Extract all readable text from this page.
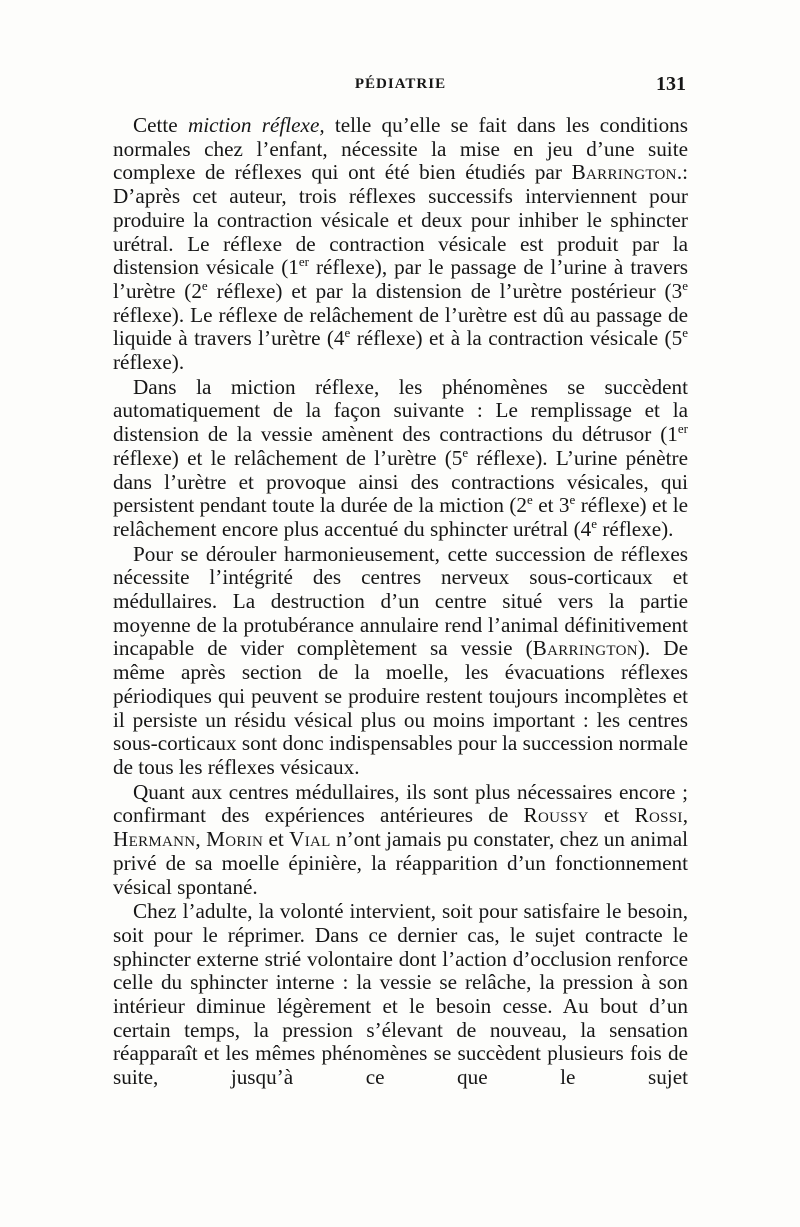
PÉDIATRIE	131

Cette miction réflexe, telle qu’elle se fait dans les conditions normales chez l’enfant, nécessite la mise en jeu d’une suite complexe de réflexes qui ont été bien étudiés par Barrington.: D’après cet auteur, trois réflexes successifs interviennent pour produire la contraction vésicale et deux pour inhiber le sphincter urétral. Le réflexe de contraction vésicale est produit par la distension vésicale (1er réflexe), par le passage de l’urine à travers l’urètre (2e réflexe) et par la distension de l’urètre postérieur (3e réflexe). Le réflexe de relâchement de l’urètre est dû au passage de liquide à travers l’urètre (4e réflexe) et à la contraction vésicale (5e réflexe).

Dans la miction réflexe, les phénomènes se succèdent automatiquement de la façon suivante : Le remplissage et la distension de la vessie amènent des contractions du détrusor (1er réflexe) et le relâchement de l’urètre (5e réflexe). L’urine pénètre dans l’urètre et provoque ainsi des contractions vésicales, qui persistent pendant toute la durée de la miction (2e et 3e réflexe) et le relâchement encore plus accentué du sphincter urétral (4e réflexe).

Pour se dérouler harmonieusement, cette succession de réflexes nécessite l’intégrité des centres nerveux sous-corticaux et médullaires. La destruction d’un centre situé vers la partie moyenne de la protubérance annulaire rend l’animal définitivement incapable de vider complètement sa vessie (Barrington). De même après section de la moelle, les évacuations réflexes périodiques qui peuvent se produire restent toujours incomplètes et il persiste un résidu vésical plus ou moins important : les centres sous-corticaux sont donc indispensables pour la succession normale de tous les réflexes vésicaux.

Quant aux centres médullaires, ils sont plus nécessaires encore ; confirmant des expériences antérieures de Roussy et Rossi, Hermann, Morin et Vial n’ont jamais pu constater, chez un animal privé de sa moelle épinière, la réapparition d’un fonctionnement vésical spontané.

Chez l’adulte, la volonté intervient, soit pour satisfaire le besoin, soit pour le réprimer. Dans ce dernier cas, le sujet contracte le sphincter externe strié volontaire dont l’action d’occlusion renforce celle du sphincter interne : la vessie se relâche, la pression à son intérieur diminue légèrement et le besoin cesse. Au bout d’un certain temps, la pression s’élevant de nouveau, la sensation réapparaît et les mêmes phénomènes se succèdent plusieurs fois de suite, jusqu’à ce que le sujet
